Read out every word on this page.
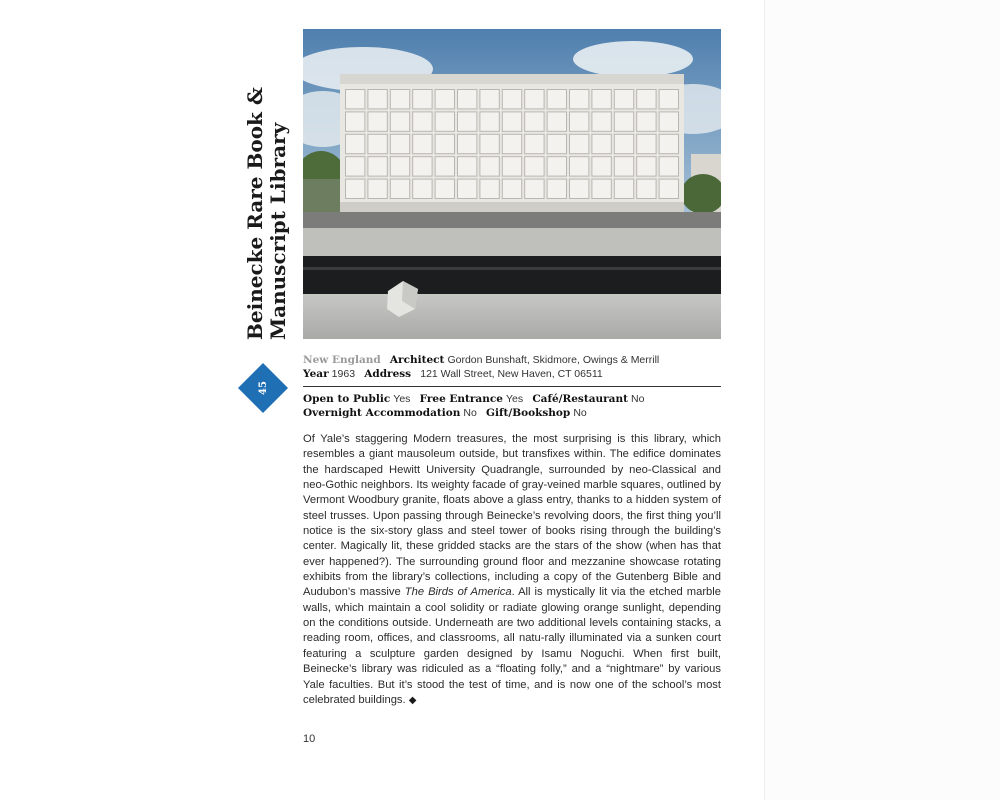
Beinecke Rare Book & Manuscript Library
45
New England Architect Gordon Bunshaft, Skidmore, Owings & Merrill
Year 1963 Address 121 Wall Street, New Haven, CT 06511
Open to Public Yes Free Entrance Yes Café/Restaurant No
Overnight Accommodation No Gift/Bookshop No
Of Yale’s staggering Modern treasures, the most surprising is this library, which resembles a giant mausoleum outside, but transfixes within. The edifice dominates the hardscaped Hewitt University Quadrangle, surrounded by neo-Classical and neo-Gothic neighbors. Its weighty facade of gray-veined marble squares, outlined by Vermont Woodbury granite, floats above a glass entry, thanks to a hidden system of steel trusses. Upon passing through Beinecke’s revolving doors, the first thing you’ll notice is the six-story glass and steel tower of books rising through the building’s center. Magically lit, these gridded stacks are the stars of the show (when has that ever happened?). The surrounding ground floor and mezzanine showcase rotating exhibits from the library’s collections, including a copy of the Gutenberg Bible and Audubon’s massive The Birds of America. All is mystically lit via the etched marble walls, which maintain a cool solidity or radiate glowing orange sunlight, depending on the conditions outside. Underneath are two additional levels containing stacks, a reading room, offices, and classrooms, all natu-rally illuminated via a sunken court featuring a sculpture garden designed by Isamu Noguchi. When first built, Beinecke’s library was ridiculed as a “floating folly,” and a “nightmare” by various Yale faculties. But it’s stood the test of time, and is now one of the school’s most celebrated buildings. ◆
10
